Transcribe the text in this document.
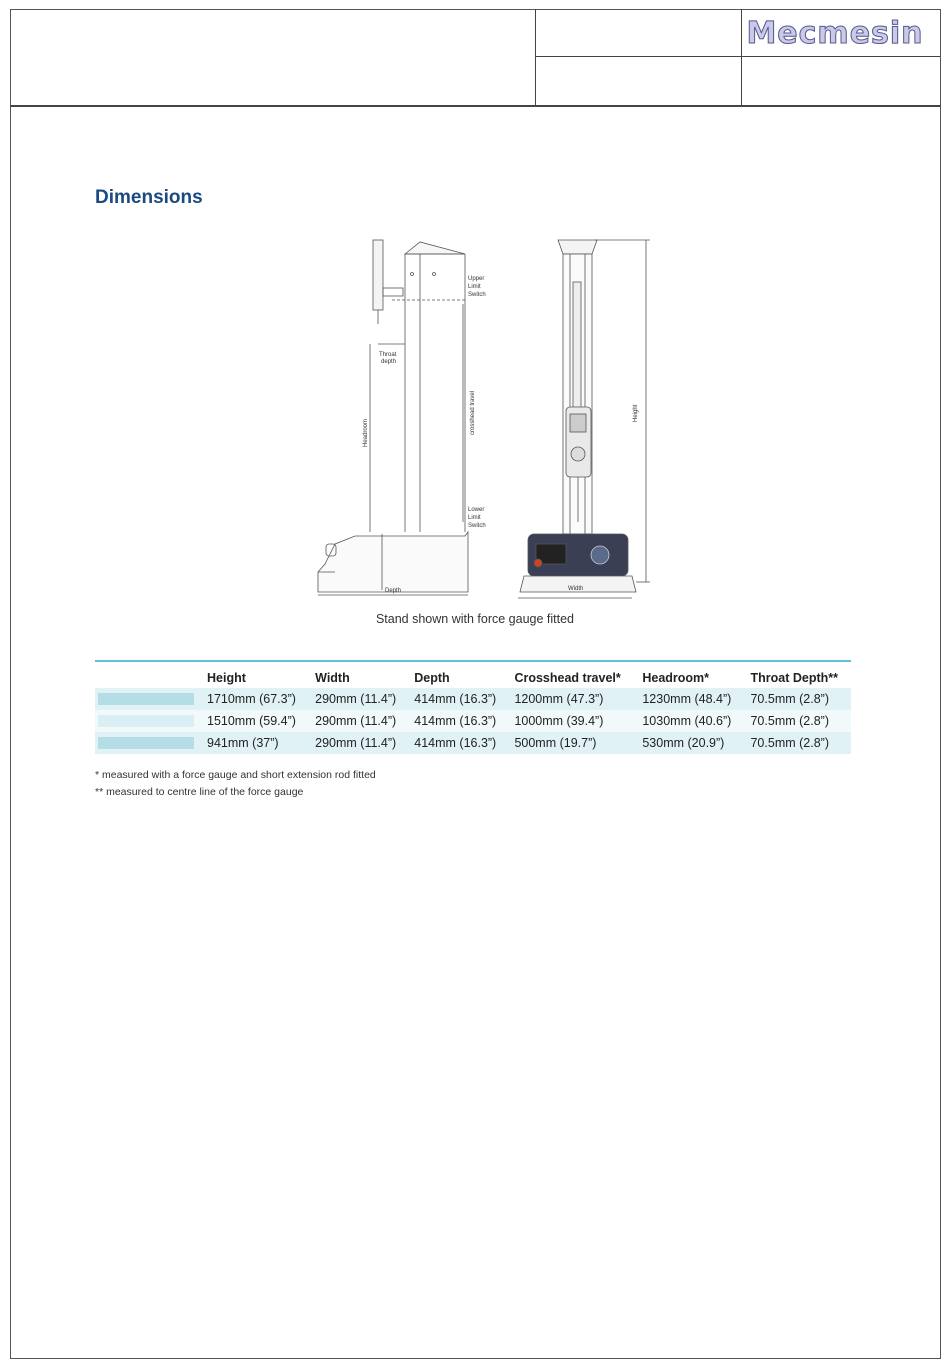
Mecmesin
Dimensions
Upper
Limit
Switch
Lower
Limit
Switch
Throat
depth
Headroom	crosshead travel
Depth	Width
Height
Stand shown with force gauge fitted
	Height	Width	Depth	Crosshead travel*	Headroom*	Throat Depth**

	1710mm (67.3”)	290mm (11.4”)	414mm (16.3”)	1200mm (47.3”)	1230mm (48.4”)	70.5mm (2.8”)

	1510mm (59.4”)	290mm (11.4”)	414mm (16.3”)	1000mm (39.4”)	1030mm (40.6”)	70.5mm (2.8”)

	941mm (37”)	290mm (11.4”)	414mm (16.3”)	500mm (19.7”)	530mm (20.9”)	70.5mm (2.8”)
* measured with a force gauge and short extension rod fitted
** measured to centre line of the force gauge
